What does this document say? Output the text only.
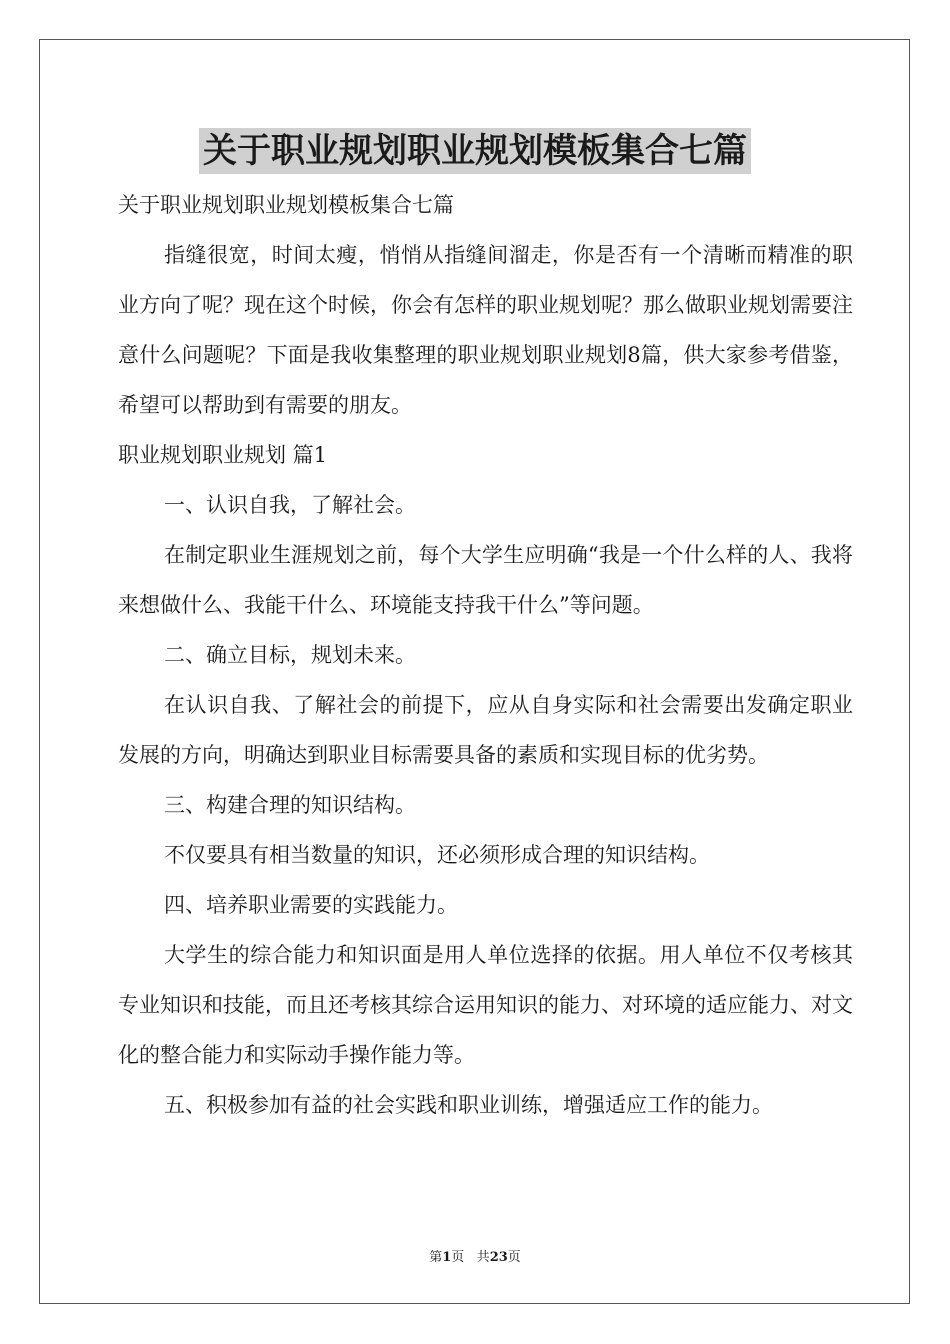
关于职业规划职业规划模板集合七篇

关于职业规划职业规划模板集合七篇

指缝很宽，时间太瘦，悄悄从指缝间溜走，你是否有一个清晰而精准的职业方向了呢？现在这个时候，你会有怎样的职业规划呢？那么做职业规划需要注意什么问题呢？下面是我收集整理的职业规划职业规划8篇，供大家参考借鉴，希望可以帮助到有需要的朋友。

职业规划职业规划 篇1

一、认识自我，了解社会。

在制定职业生涯规划之前，每个大学生应明确“我是一个什么样的人、我将来想做什么、我能干什么、环境能支持我干什么”等问题。

二、确立目标，规划未来。

在认识自我、了解社会的前提下，应从自身实际和社会需要出发确定职业发展的方向，明确达到职业目标需要具备的素质和实现目标的优劣势。

三、构建合理的知识结构。

不仅要具有相当数量的知识，还必须形成合理的知识结构。

四、培养职业需要的实践能力。

大学生的综合能力和知识面是用人单位选择的依据。用人单位不仅考核其专业知识和技能，而且还考核其综合运用知识的能力、对环境的适应能力、对文化的整合能力和实际动手操作能力等。

五、积极参加有益的社会实践和职业训练，增强适应工作的能力。

第1页 共23页
